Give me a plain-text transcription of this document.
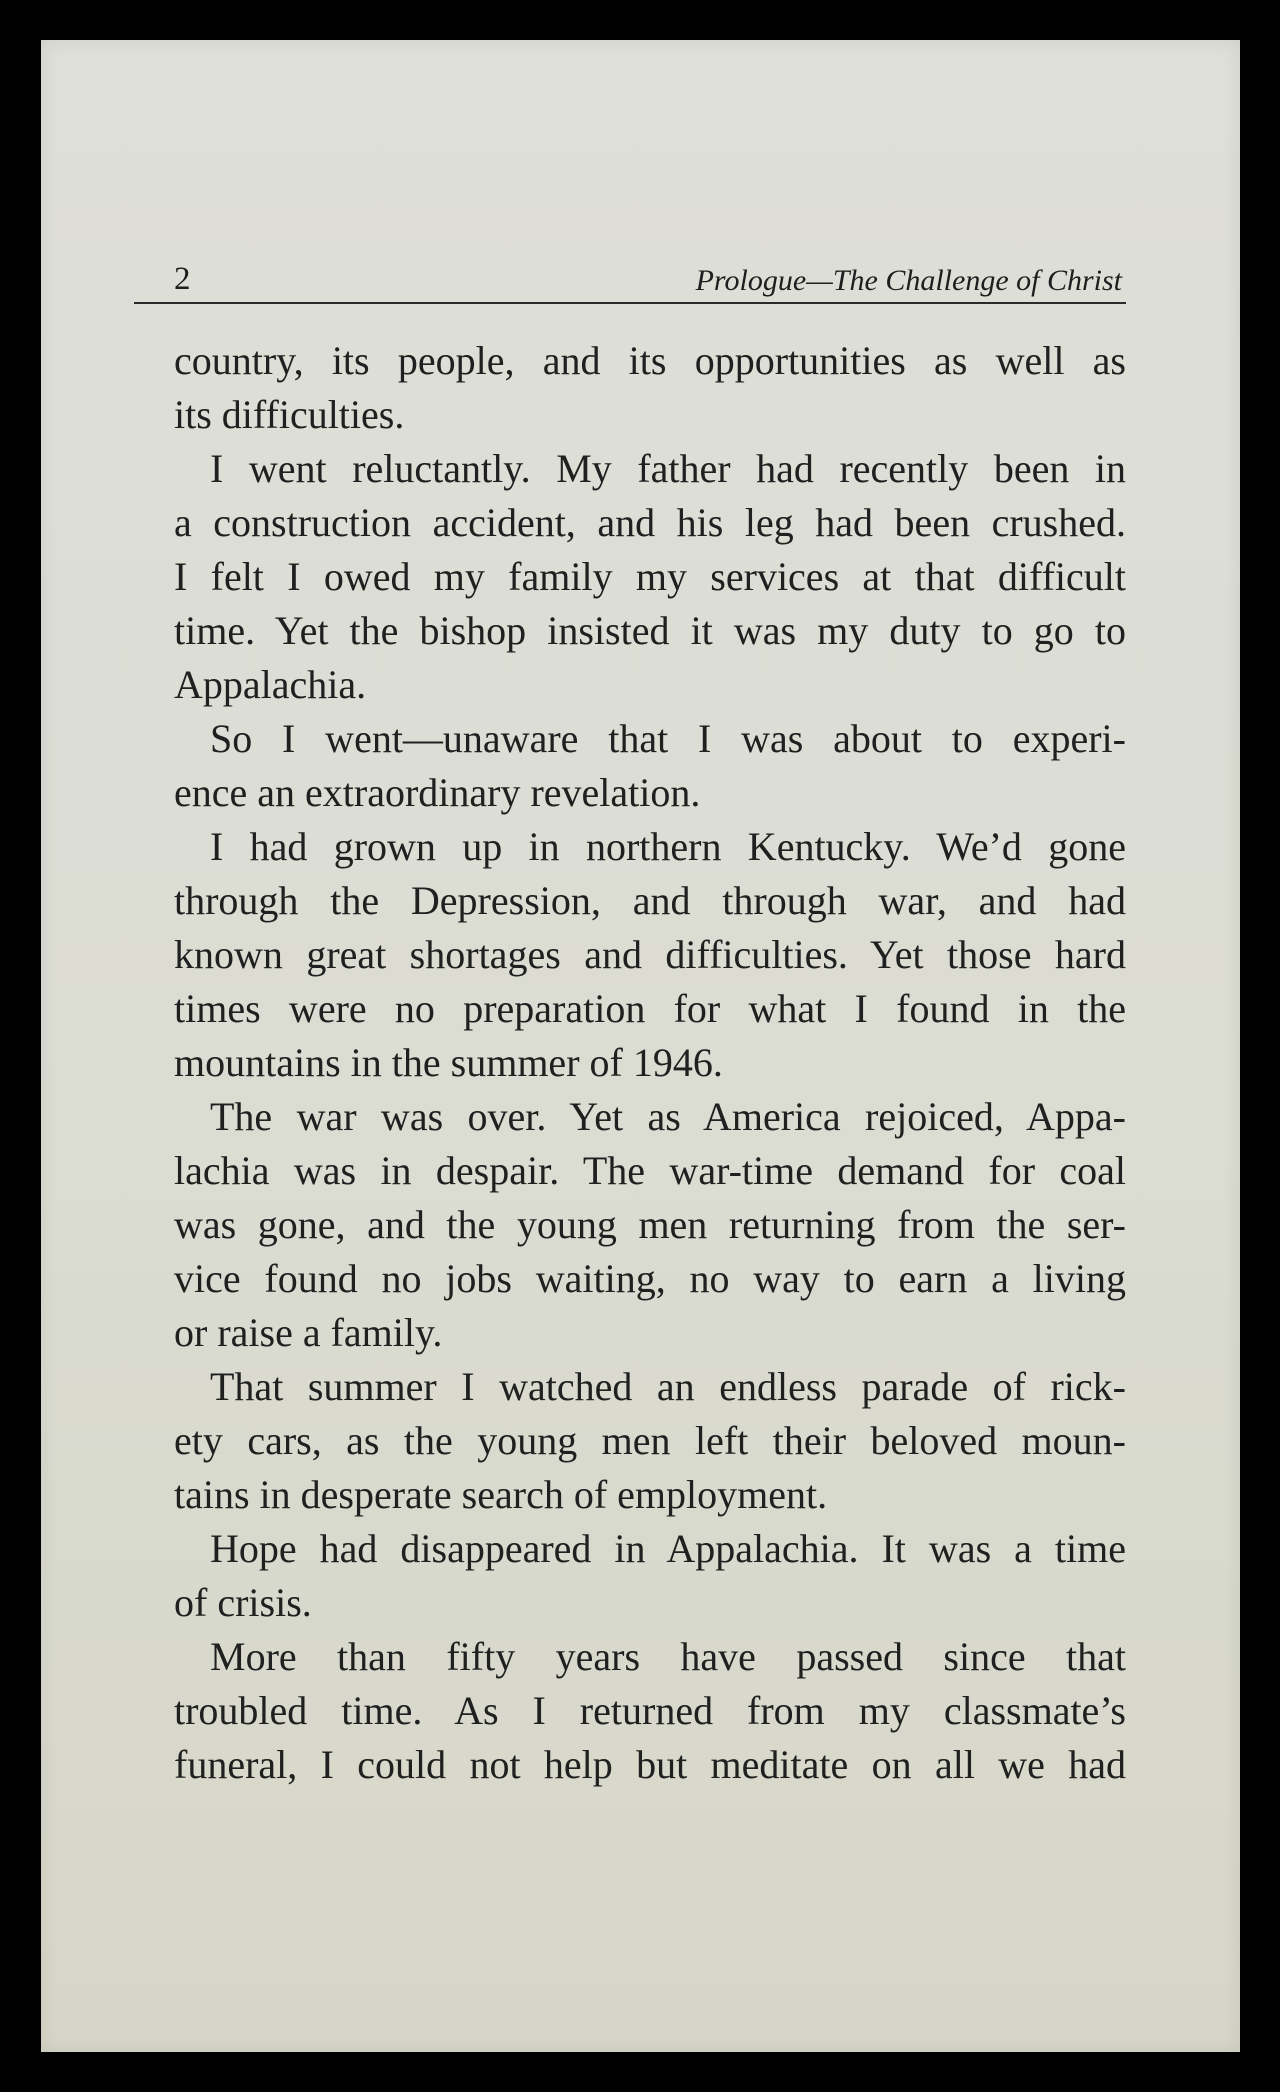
2	Prologue—The Challenge of Christ
country, its people, and its opportunities as well as
its difficulties.
I went reluctantly. My father had recently been in
a construction accident, and his leg had been crushed.
I felt I owed my family my services at that difficult
time. Yet the bishop insisted it was my duty to go to
Appalachia.
So I went—unaware that I was about to experi-
ence an extraordinary revelation.
I had grown up in northern Kentucky. We’d gone
through the Depression, and through war, and had
known great shortages and difficulties. Yet those hard
times were no preparation for what I found in the
mountains in the summer of 1946.
The war was over. Yet as America rejoiced, Appa-
lachia was in despair. The war-time demand for coal
was gone, and the young men returning from the ser-
vice found no jobs waiting, no way to earn a living
or raise a family.
That summer I watched an endless parade of rick-
ety cars, as the young men left their beloved moun-
tains in desperate search of employment.
Hope had disappeared in Appalachia. It was a time
of crisis.
More than fifty years have passed since that
troubled time. As I returned from my classmate’s
funeral, I could not help but meditate on all we had
